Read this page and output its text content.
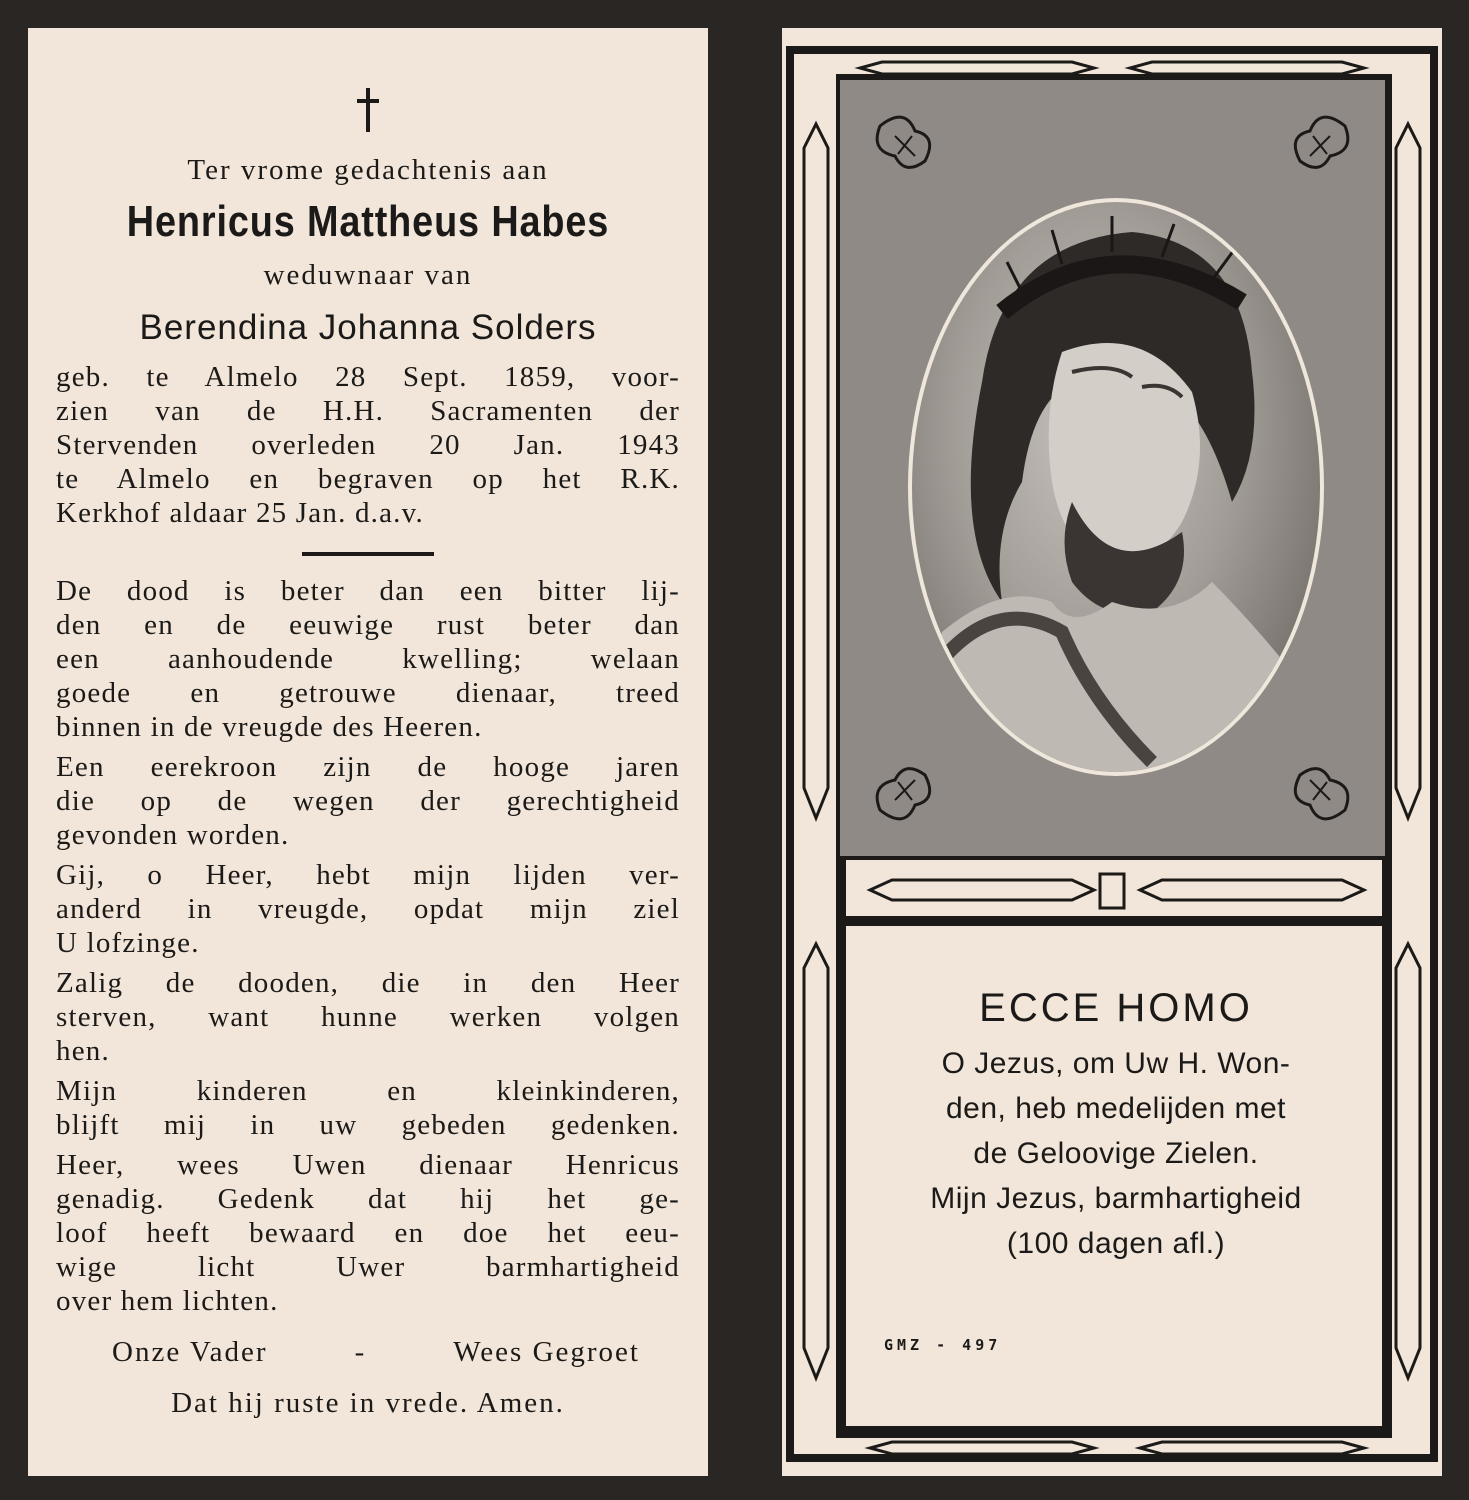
Ter vrome gedachtenis aan
Henricus Mattheus Habes
weduwnaar van
Berendina Johanna Solders
geb. te Almelo 28 Sept. 1859, voor-
zien van de H.H. Sacramenten der
Stervenden overleden 20 Jan. 1943
te Almelo en begraven op het R.K.
Kerkhof aldaar 25 Jan. d.a.v.
De dood is beter dan een bitter lij-
den en de eeuwige rust beter dan
een aanhoudende kwelling; welaan
goede en getrouwe dienaar, treed
binnen in de vreugde des Heeren.
Een eerekroon zijn de hooge jaren
die op de wegen der gerechtigheid
gevonden worden.
Gij, o Heer, hebt mijn lijden ver-
anderd in vreugde, opdat mijn ziel
U lofzinge.
Zalig de dooden, die in den Heer
sterven, want hunne werken volgen
hen.
Mijn kinderen en kleinkinderen,
blijft mij in uw gebeden gedenken.
Heer, wees Uwen dienaar Henricus
genadig. Gedenk dat hij het ge-
loof heeft bewaard en doe het eeu-
wige licht Uwer barmhartigheid
over hem lichten.
Onze Vader	-	Wees Gegroet
Dat hij ruste in vrede. Amen.
ECCE HOMO
O Jezus, om Uw H. Won-
den, heb medelijden met
de Geloovige Zielen.
Mijn Jezus, barmhartigheid
(100 dagen afl.)
GMZ - 497
